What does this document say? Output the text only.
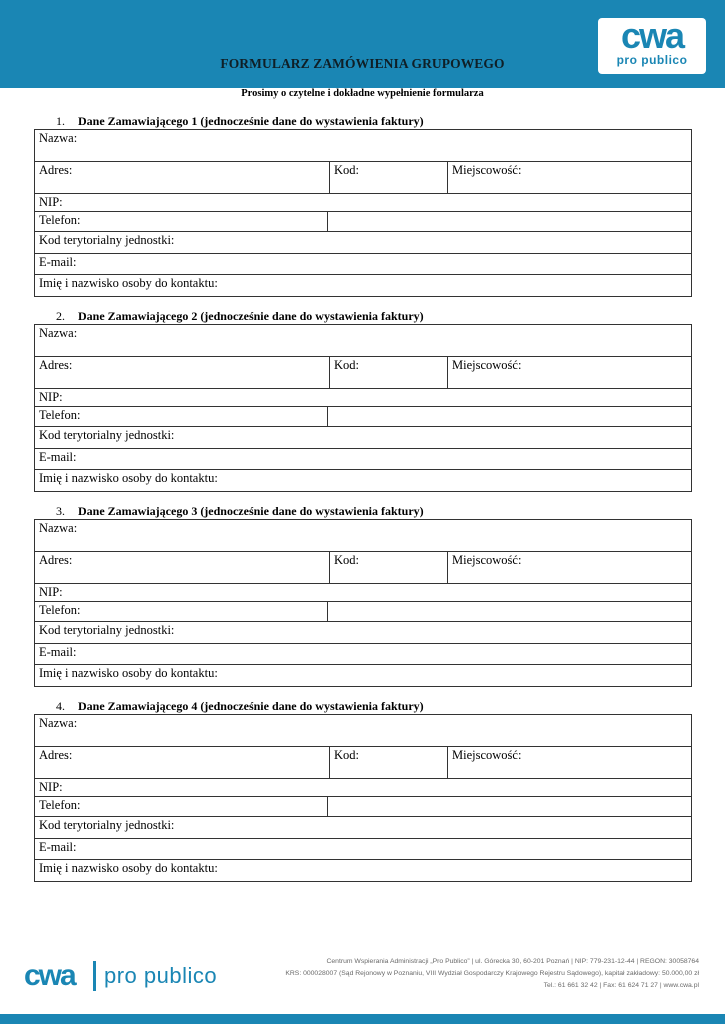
cwa
pro publico
FORMULARZ ZAMÓWIENIA GRUPOWEGO
Prosimy o czytelne i dokładne wypełnienie formularza
1. Dane Zamawiającego 1 (jednocześnie dane do wystawienia faktury)
Nazwa:			
Adres:		Kod:	Miejscowość:
NIP:			
Telefon:			
Kod terytorialny jednostki:			
E-mail:			
Imię i nazwisko osoby do kontaktu:			
2. Dane Zamawiającego 2 (jednocześnie dane do wystawienia faktury)
Nazwa:			
Adres:		Kod:	Miejscowość:
NIP:			
Telefon:			
Kod terytorialny jednostki:			
E-mail:			
Imię i nazwisko osoby do kontaktu:			
3. Dane Zamawiającego 3 (jednocześnie dane do wystawienia faktury)
Nazwa:			
Adres:		Kod:	Miejscowość:
NIP:			
Telefon:			
Kod terytorialny jednostki:			
E-mail:			
Imię i nazwisko osoby do kontaktu:			
4. Dane Zamawiającego 4 (jednocześnie dane do wystawienia faktury)
Nazwa:			
Adres:		Kod:	Miejscowość:
NIP:			
Telefon:			
Kod terytorialny jednostki:			
E-mail:			
Imię i nazwisko osoby do kontaktu:			
cwa pro publico
Centrum Wspierania Administracji „Pro Publico” | ul. Górecka 30, 60-201 Poznań | NIP: 779-231-12-44 | REGON: 30058764
KRS: 000028007 (Sąd Rejonowy w Poznaniu, VIII Wydział Gospodarczy Krajowego Rejestru Sądowego), kapitał zakładowy: 50.000,00 zł
Tel.: 61 661 32 42 | Fax: 61 624 71 27 | www.cwa.pl
